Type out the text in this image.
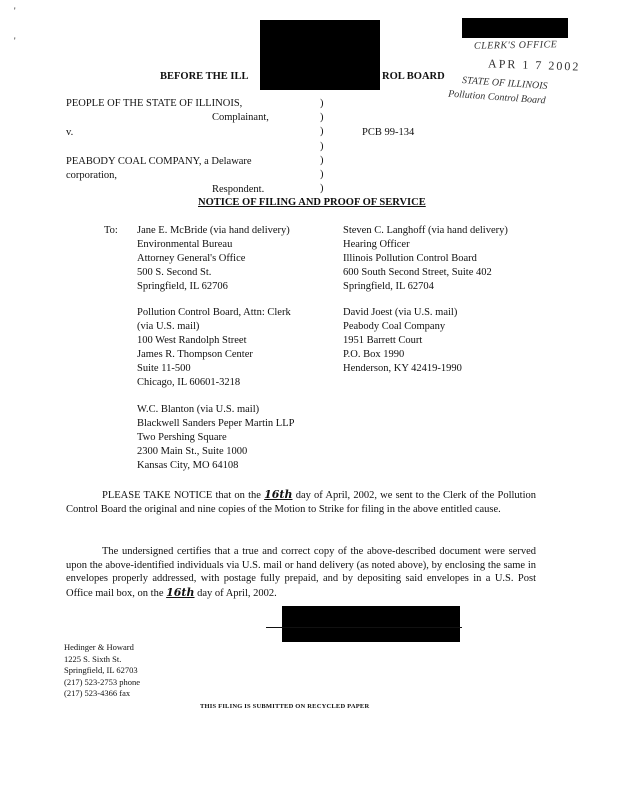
'
'	CLERK'S OFFICE
APR 1 7 2002
STATE OF ILLINOIS
Pollution Control Board
BEFORE THE ILL	ROL BOARD
PEOPLE OF THE STATE OF ILLINOIS,
Complainant,
v.	PCB 99-134
PEABODY COAL COMPANY, a Delaware
corporation,
Respondent.
)
)
)
)
)
)
)
NOTICE OF FILING AND PROOF OF SERVICE
To: Jane E. McBride (via hand delivery)
Environmental Bureau
Attorney General's Office
500 S. Second St.
Springfield, IL 62706
Pollution Control Board, Attn: Clerk
(via U.S. mail)
100 West Randolph Street
James R. Thompson Center
Suite 11-500
Chicago, IL 60601-3218
W.C. Blanton (via U.S. mail)
Blackwell Sanders Peper Martin LLP
Two Pershing Square
2300 Main St., Suite 1000
Kansas City, MO 64108
Steven C. Langhoff (via hand delivery)
Hearing Officer
Illinois Pollution Control Board
600 South Second Street, Suite 402
Springfield, IL 62704
David Joest (via U.S. mail)
Peabody Coal Company
1951 Barrett Court
P.O. Box 1990
Henderson, KY 42419-1990
PLEASE TAKE NOTICE that on the 16th day of April, 2002, we sent to the Clerk of the Pollution Control Board the original and nine copies of the Motion to Strike for filing in the above entitled cause.
The undersigned certifies that a true and correct copy of the above-described document were served upon the above-identified individuals via U.S. mail or hand delivery (as noted above), by enclosing the same in envelopes properly addressed, with postage fully prepaid, and by depositing said envelopes in a U.S. Post Office mail box, on the 16th day of April, 2002.
Hedinger & Howard
1225 S. Sixth St.
Springfield, IL 62703
(217) 523-2753 phone
(217) 523-4366 fax
THIS FILING IS SUBMITTED ON RECYCLED PAPER
